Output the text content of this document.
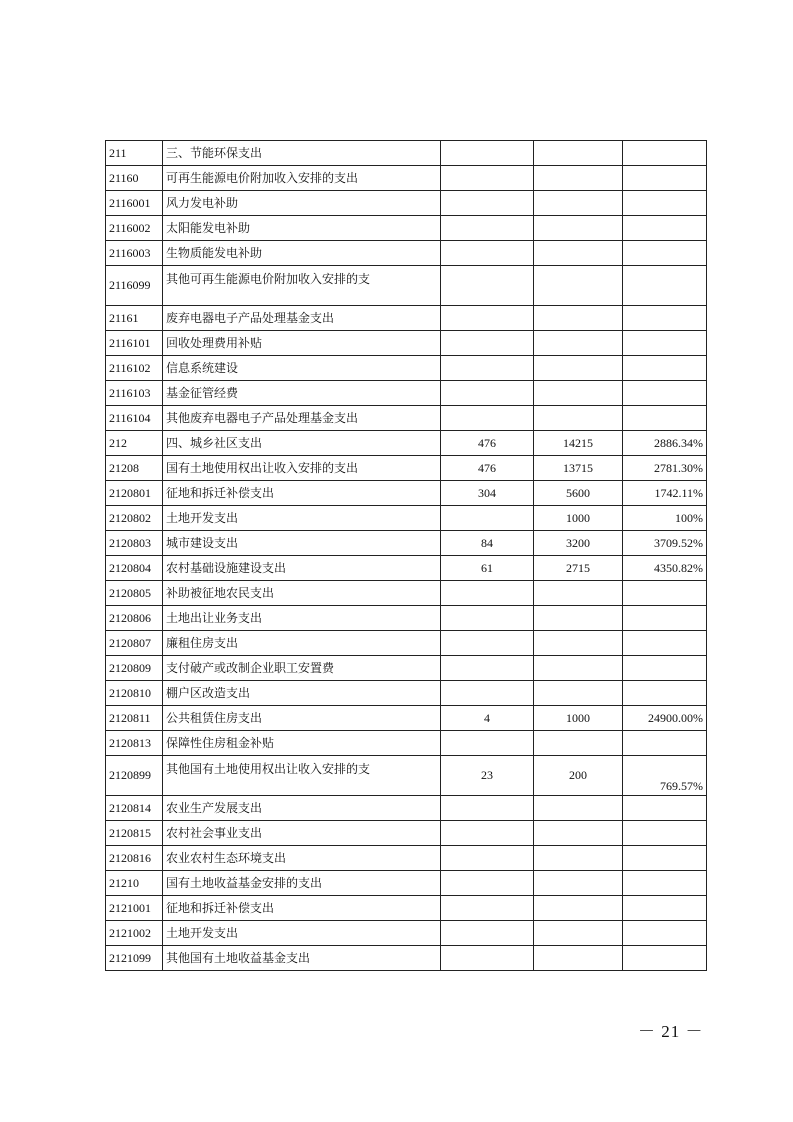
211	三、节能环保支出			
21160	可再生能源电价附加收入安排的支出			
2116001	风力发电补助			
2116002	太阳能发电补助			
2116003	生物质能发电补助			
2116099	其他可再生能源电价附加收入安排的支

21161	废弃电器电子产品处理基金支出			
2116101	回收处理费用补贴			
2116102	信息系统建设			
2116103	基金征管经费			
2116104	其他废弃电器电子产品处理基金支出			
212	四、城乡社区支出	476	14215	2886.34%
21208	国有土地使用权出让收入安排的支出	476	13715	2781.30%
2120801	征地和拆迁补偿支出	304	5600	1742.11%
2120802	土地开发支出		1000	100%
2120803	城市建设支出	84	3200	3709.52%
2120804	农村基础设施建设支出	61	2715	4350.82%
2120805	补助被征地农民支出			
2120806	土地出让业务支出			
2120807	廉租住房支出			
2120809	支付破产或改制企业职工安置费			
2120810	棚户区改造支出			
2120811	公共租赁住房支出	4	1000	24900.00%
2120813	保障性住房租金补贴			
2120899	其他国有土地使用权出让收入安排的支	23	200	769.57%
2120814	农业生产发展支出			
2120815	农村社会事业支出			
2120816	农业农村生态环境支出			
21210	国有土地收益基金安排的支出			
2121001	征地和拆迁补偿支出			
2121002	土地开发支出			
2121099	其他国有土地收益基金支出			
－ 21 －
